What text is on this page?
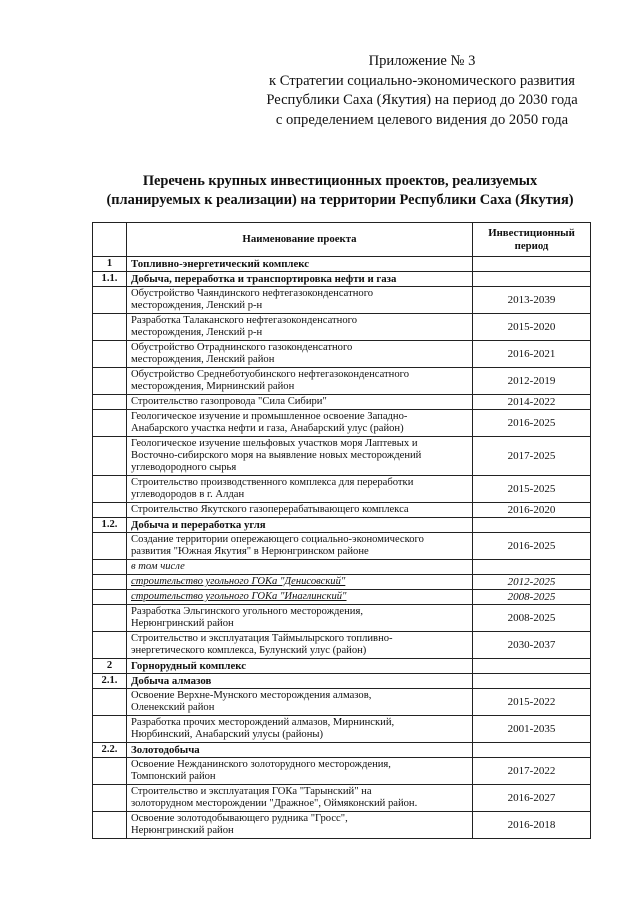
Приложение № 3
к Стратегии социально-экономического развития
Республики Саха (Якутия) на период до 2030 года
с определением целевого видения до 2050 года
Перечень крупных инвестиционных проектов, реализуемых
(планируемых к реализации) на территории Республики Саха (Якутия)
	Наименование проекта	Инвестиционный
период
1	Топливно-энергетический комплекс	
1.1.	Добыча, переработка и транспортировка нефти и газа	
	Обустройство Чаяндинского нефтегазоконденсатного
месторождения, Ленский р-н	2013-2039
	Разработка Талаканского нефтегазоконденсатного
месторождения, Ленский р-н	2015-2020
	Обустройство Отраднинского газоконденсатного
месторождения, Ленский район	2016-2021
	Обустройство Среднеботуобинского нефтегазоконденсатного
месторождения, Мирнинский район	2012-2019
	Строительство газопровода "Сила Сибири"	2014-2022
	Геологическое изучение и промышленное освоение Западно-
Анабарского участка нефти и газа, Анабарский улус (район)	2016-2025
	Геологическое изучение шельфовых участков моря Лаптевых и
Восточно-сибирского моря на выявление новых месторождений
углеводородного сырья	2017-2025
	Строительство производственного комплекса для переработки
углеводородов в г. Алдан	2015-2025
	Строительство Якутского газоперерабатывающего комплекса	2016-2020
1.2.	Добыча и переработка угля	
	Создание территории опережающего социально-экономического
развития "Южная Якутия" в Нерюнгринском районе	2016-2025
	в том числе	
	строительство угольного ГОКа "Денисовский"	2012-2025
	строительство угольного ГОКа "Инаглинский"	2008-2025
	Разработка Эльгинского угольного месторождения,
Нерюнгринский район	2008-2025
	Строительство и эксплуатация Таймылырского топливно-
энергетического комплекса, Булунский улус (район)	2030-2037
2	Горнорудный комплекс	
2.1.	Добыча алмазов	
	Освоение Верхне-Мунского месторождения алмазов,
Оленекский район	2015-2022
	Разработка прочих месторождений алмазов, Мирнинский,
Нюрбинский, Анабарский улусы (районы)	2001-2035
2.2.	Золотодобыча	
	Освоение Нежданинского золоторудного месторождения,
Томпонский район	2017-2022
	Строительство и эксплуатация ГОКа "Тарынский" на
золоторудном месторождении "Дражное", Оймяконский район.	2016-2027
	Освоение золотодобывающего рудника "Гросс",
Нерюнгринский район	2016-2018
